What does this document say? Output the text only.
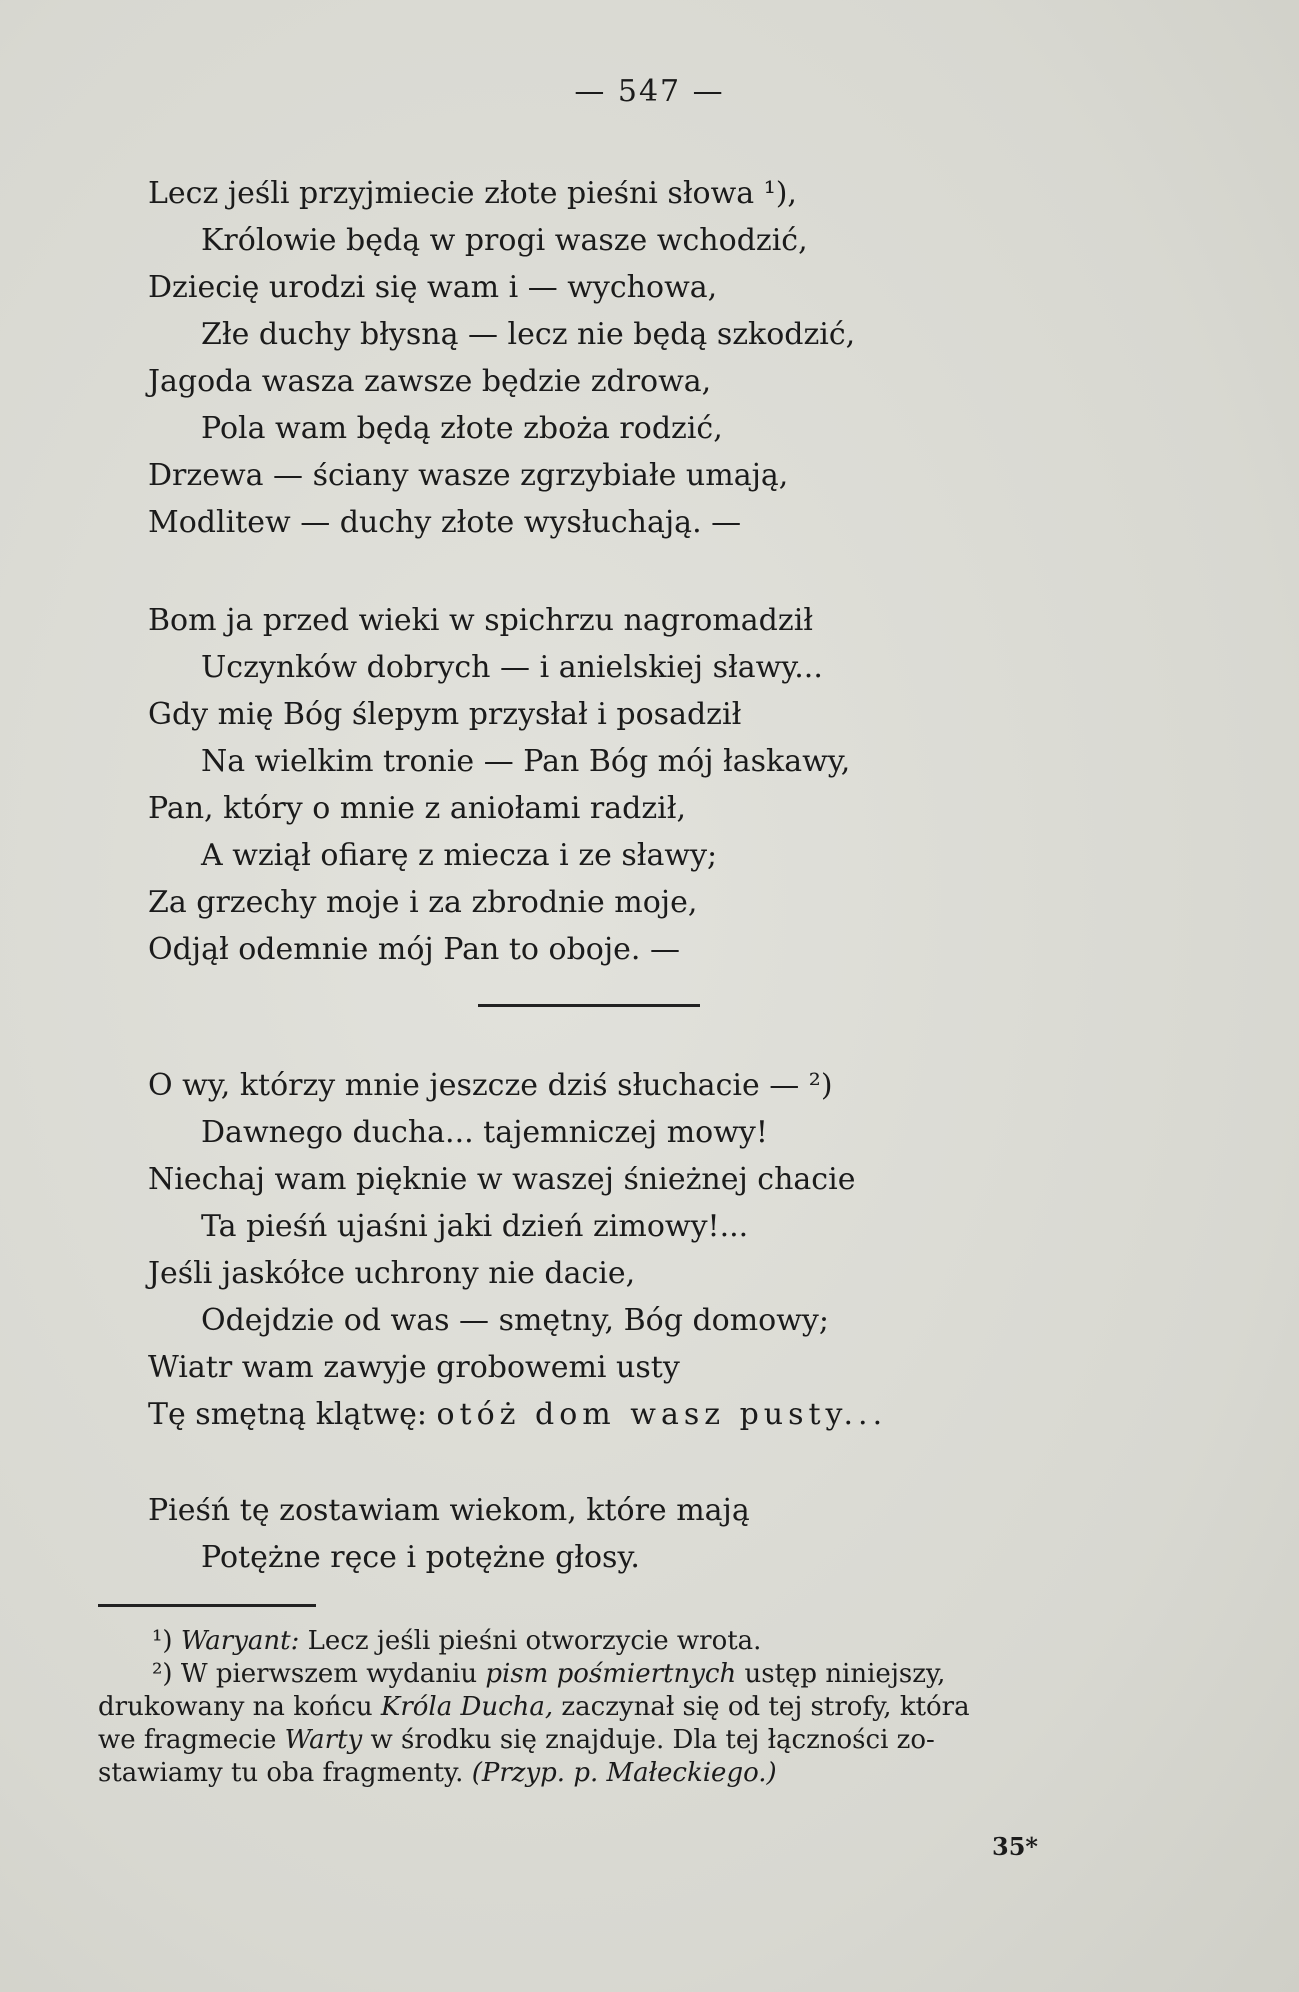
— 547 —
Lecz jeśli przyjmiecie złote pieśni słowa ¹),
Królowie będą w progi wasze wchodzić,
Dziecię urodzi się wam i — wychowa,
Złe duchy błysną — lecz nie będą szkodzić,
Jagoda wasza zawsze będzie zdrowa,
Pola wam będą złote zboża rodzić,
Drzewa — ściany wasze zgrzybiałe umają,
Modlitew — duchy złote wysłuchają. —
Bom ja przed wieki w spichrzu nagromadził
Uczynków dobrych — i anielskiej sławy...
Gdy mię Bóg ślepym przysłał i posadził
Na wielkim tronie — Pan Bóg mój łaskawy,
Pan, który o mnie z aniołami radził,
A wziął ofiarę z miecza i ze sławy;
Za grzechy moje i za zbrodnie moje,
Odjął odemnie mój Pan to oboje. —
O wy, którzy mnie jeszcze dziś słuchacie — ²)
Dawnego ducha... tajemniczej mowy!
Niechaj wam pięknie w waszej śnieżnej chacie
Ta pieśń ujaśni jaki dzień zimowy!...
Jeśli jaskółce uchrony nie dacie,
Odejdzie od was — smętny, Bóg domowy;
Wiatr wam zawyje grobowemi usty
Tę smętną klątwę: otóż dom wasz pusty...
Pieśń tę zostawiam wiekom, które mają
Potężne ręce i potężne głosy.
¹) Waryant: Lecz jeśli pieśni otworzycie wrota.
²) W pierwszem wydaniu pism pośmiertnych ustęp niniejszy,
drukowany na końcu Króla Ducha, zaczynał się od tej strofy, która
we fragmecie Warty w środku się znajduje. Dla tej łączności zo-
stawiamy tu oba fragmenty. (Przyp. p. Małeckiego.)
35*
